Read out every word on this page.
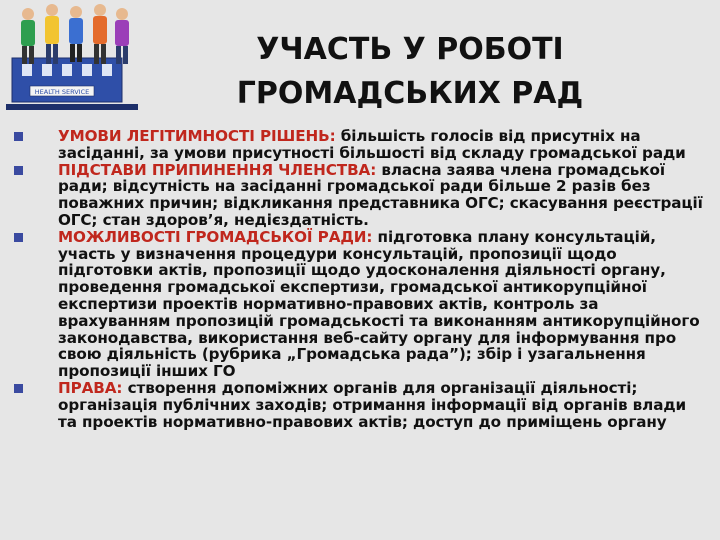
HEALTH SERVICE
УЧАСТЬ У РОБОТІ
ГРОМАДСЬКИХ РАД
УМОВИ ЛЕГІТИМНОСТІ РІШЕНЬ: більшість голосів від присутніх на засіданні, за умови присутності більшості від складу громадської ради
ПІДСТАВИ ПРИПИНЕННЯ ЧЛЕНСТВА: власна заява члена громадської ради; відсутність на засіданні громадської ради більше 2 разів без поважних причин; відкликання представника ОГС; скасування реєстрації ОГС; стан здоров’я, недієздатність.
МОЖЛИВОСТІ ГРОМАДСЬКОЇ РАДИ: підготовка плану консультацій, участь у визначення процедури консультацій, пропозиції щодо підготовки актів, пропозиції щодо удосконалення діяльності органу, проведення громадської експертизи, громадської антикорупційної експертизи проектів нормативно-правових актів, контроль за врахуванням пропозицій громадськості та виконанням антикорупційного законодавства, використання веб-сайту органу для інформування про свою діяльність (рубрика „Громадська рада”); збір і узагальнення пропозиції інших ГО
ПРАВА: створення допоміжних органів для організації діяльності; організація публічних заходів; отримання інформації від органів влади та проектів нормативно-правових актів; доступ до приміщень органу
